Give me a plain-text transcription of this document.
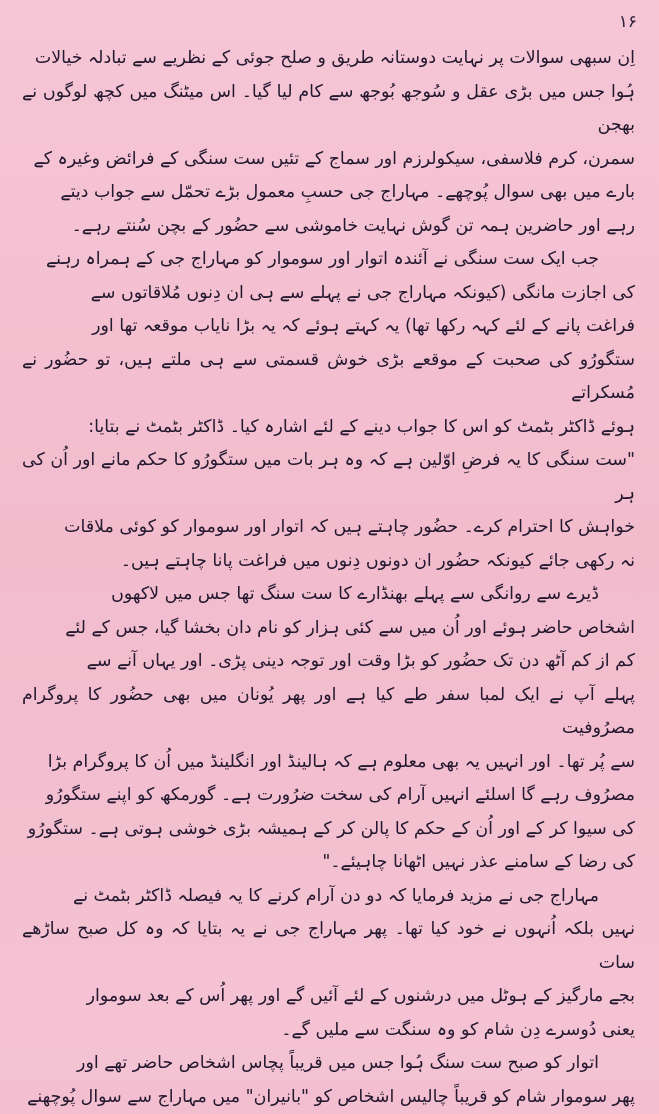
۱۶

اِن سبھی سوالات پر نہایت دوستانہ طریق و صلح جوئی کے نظریے سے تبادلہ خیالات
ہُوا جس میں بڑی عقل و سُوجھ بُوجھ سے کام لیا گیا۔ اس میٹنگ میں کچھ لوگوں نے بھجن
سمرن، کرم فلاسفی، سیکولرزم اور سماج کے تئیں ست سنگی کے فرائض وغیرہ کے
بارے میں بھی سوال پُوچھے۔ مہاراج جی حسبِ معمول بڑے تحمّل سے جواب دیتے
رہے اور حاضرین ہمہ تن گوش نہایت خاموشی سے حضُور کے بچن سُنتے رہے۔

جب ایک ست سنگی نے آئندہ اتوار اور سوموار کو مہاراج جی کے ہمراہ رہنے
کی اجازت مانگی (کیونکہ مہاراج جی نے پہلے سے ہی ان دِنوں مُلاقاتوں سے
فراغت پانے کے لئے کہہ رکھا تھا) یہ کہتے ہوئے کہ یہ بڑا نایاب موقعہ تھا اور
ستگورُو کی صحبت کے موقعے بڑی خوش قسمتی سے ہی ملتے ہیں، تو حضُور نے مُسکراتے
ہوئے ڈاکٹر بٹمٹ کو اس کا جواب دینے کے لئے اشارہ کیا۔ ڈاکٹر بٹمٹ نے بتایا:

"ست سنگی کا یہ فرضِ اوّلین ہے کہ وہ ہر بات میں ستگورُو کا حکم مانے اور اُن کی ہر
خواہش کا احترام کرے۔ حضُور چاہتے ہیں کہ اتوار اور سوموار کو کوئی ملاقات
نہ رکھی جائے کیونکہ حضُور ان دونوں دِنوں میں فراغت پانا چاہتے ہیں۔

ڈیرے سے روانگی سے پہلے بھنڈارے کا ست سنگ تھا جس میں لاکھوں
اشخاص حاضر ہوئے اور اُن میں سے کئی ہزار کو نام دان بخشا گیا، جس کے لئے
کم از کم آٹھ دن تک حضُور کو بڑا وقت اور توجہ دینی پڑی۔ اور یہاں آنے سے
پہلے آپ نے ایک لمبا سفر طے کیا ہے اور پھر یُونان میں بھی حضُور کا پروگرام مصرُوفیت
سے پُر تھا۔ اور انہیں یہ بھی معلوم ہے کہ ہالینڈ اور انگلینڈ میں اُن کا پروگرام بڑا
مصرُوف رہے گا اسلئے انہیں آرام کی سخت ضرُورت ہے۔ گورمکھ کو اپنے ستگورُو
کی سیوا کر کے اور اُن کے حکم کا پالن کر کے ہمیشہ بڑی خوشی ہوتی ہے۔ ستگورُو
کی رضا کے سامنے عذر نہیں اٹھانا چاہیئے۔"

مہاراج جی نے مزید فرمایا کہ دو دن آرام کرنے کا یہ فیصلہ ڈاکٹر بٹمٹ نے
نہیں بلکہ اُنہوں نے خود کیا تھا۔ پھر مہاراج جی نے یہ بتایا کہ وہ کل صبح ساڑھے سات
بجے مارگیز کے ہوٹل میں درشنوں کے لئے آئیں گے اور پھر اُس کے بعد سوموار
یعنی دُوسرے دِن شام کو وہ سنگت سے ملیں گے۔

اتوار کو صبح ست سنگ ہُوا جس میں قریباً پچاس اشخاص حاضر تھے اور
پھر سوموار شام کو قریباً چالیس اشخاص کو "بانیران" میں مہاراج سے سوال پُوچھنے
